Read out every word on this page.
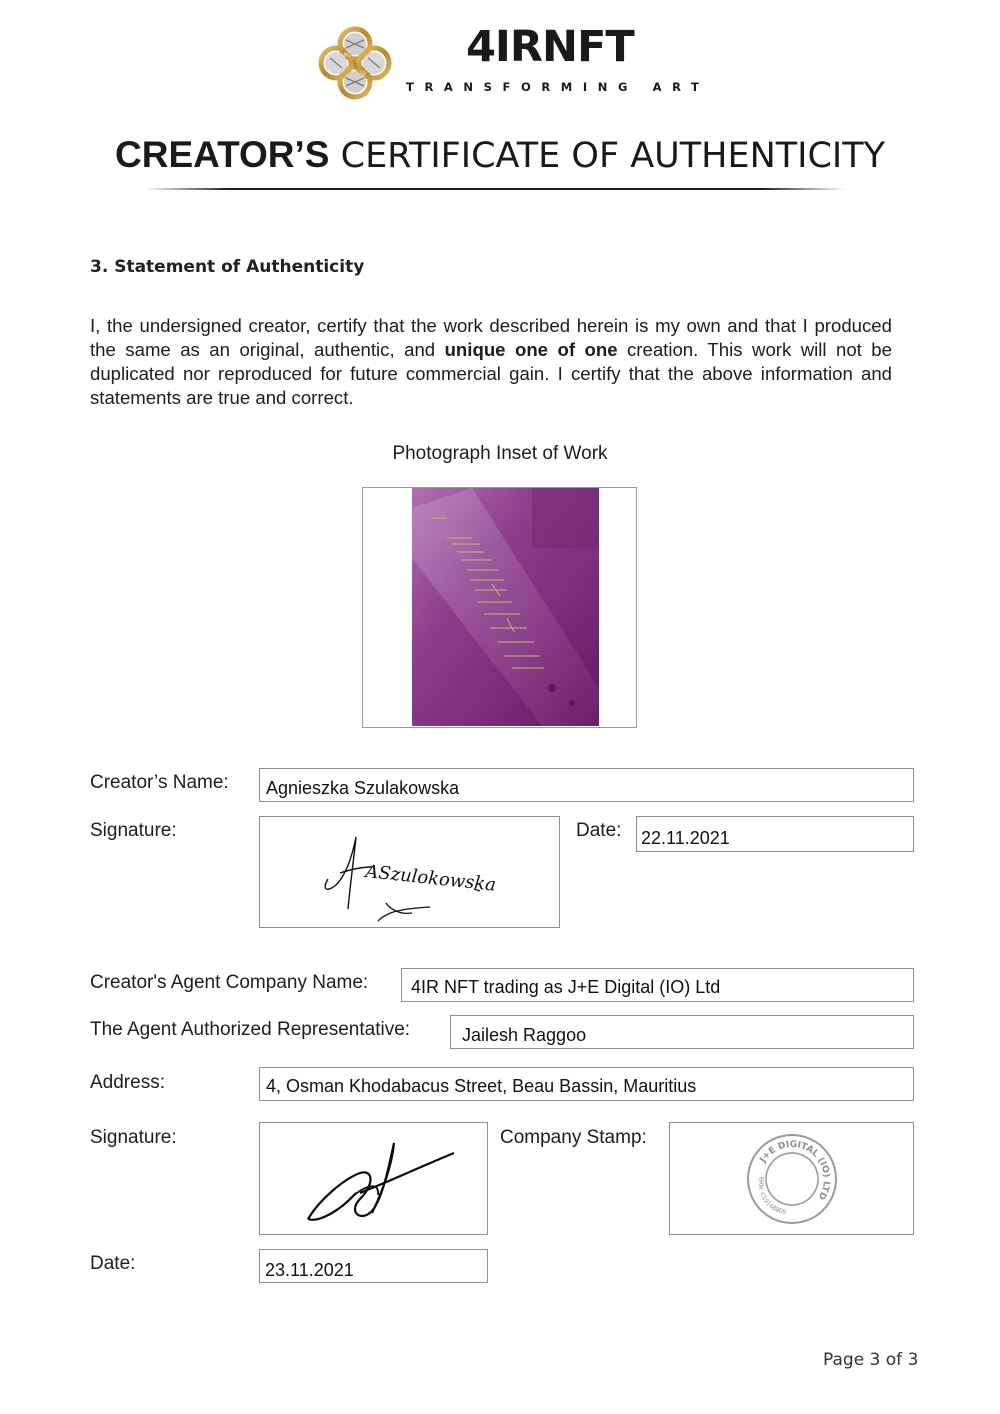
4IRNFT
TRANSFORMING ART
CREATOR’S CERTIFICATE OF AUTHENTICITY
3. Statement of Authenticity
I, the undersigned creator, certify that the work described herein is my own and that I produced the same as an original, authentic, and unique one of one creation. This work will not be duplicated nor reproduced for future commercial gain. I certify that the above information and statements are true and correct.
Photograph Inset of Work
Creator’s Name: Agnieszka Szulakowska
Signature:
ASzulokowska
Date: 22.11.2021
Creator's Agent Company Name: 4IR NFT trading as J+E Digital (IO) Ltd
The Agent Authorized Representative:	Jailesh Raggoo
Address:	4, Osman Khodabacus Street, Beau Bassin, Mauritius
Signature:	Company Stamp:
J+E DIGITAL (IO) LTD
BRN: C19168809
Date:	23.11.2021
Page 3 of 3
